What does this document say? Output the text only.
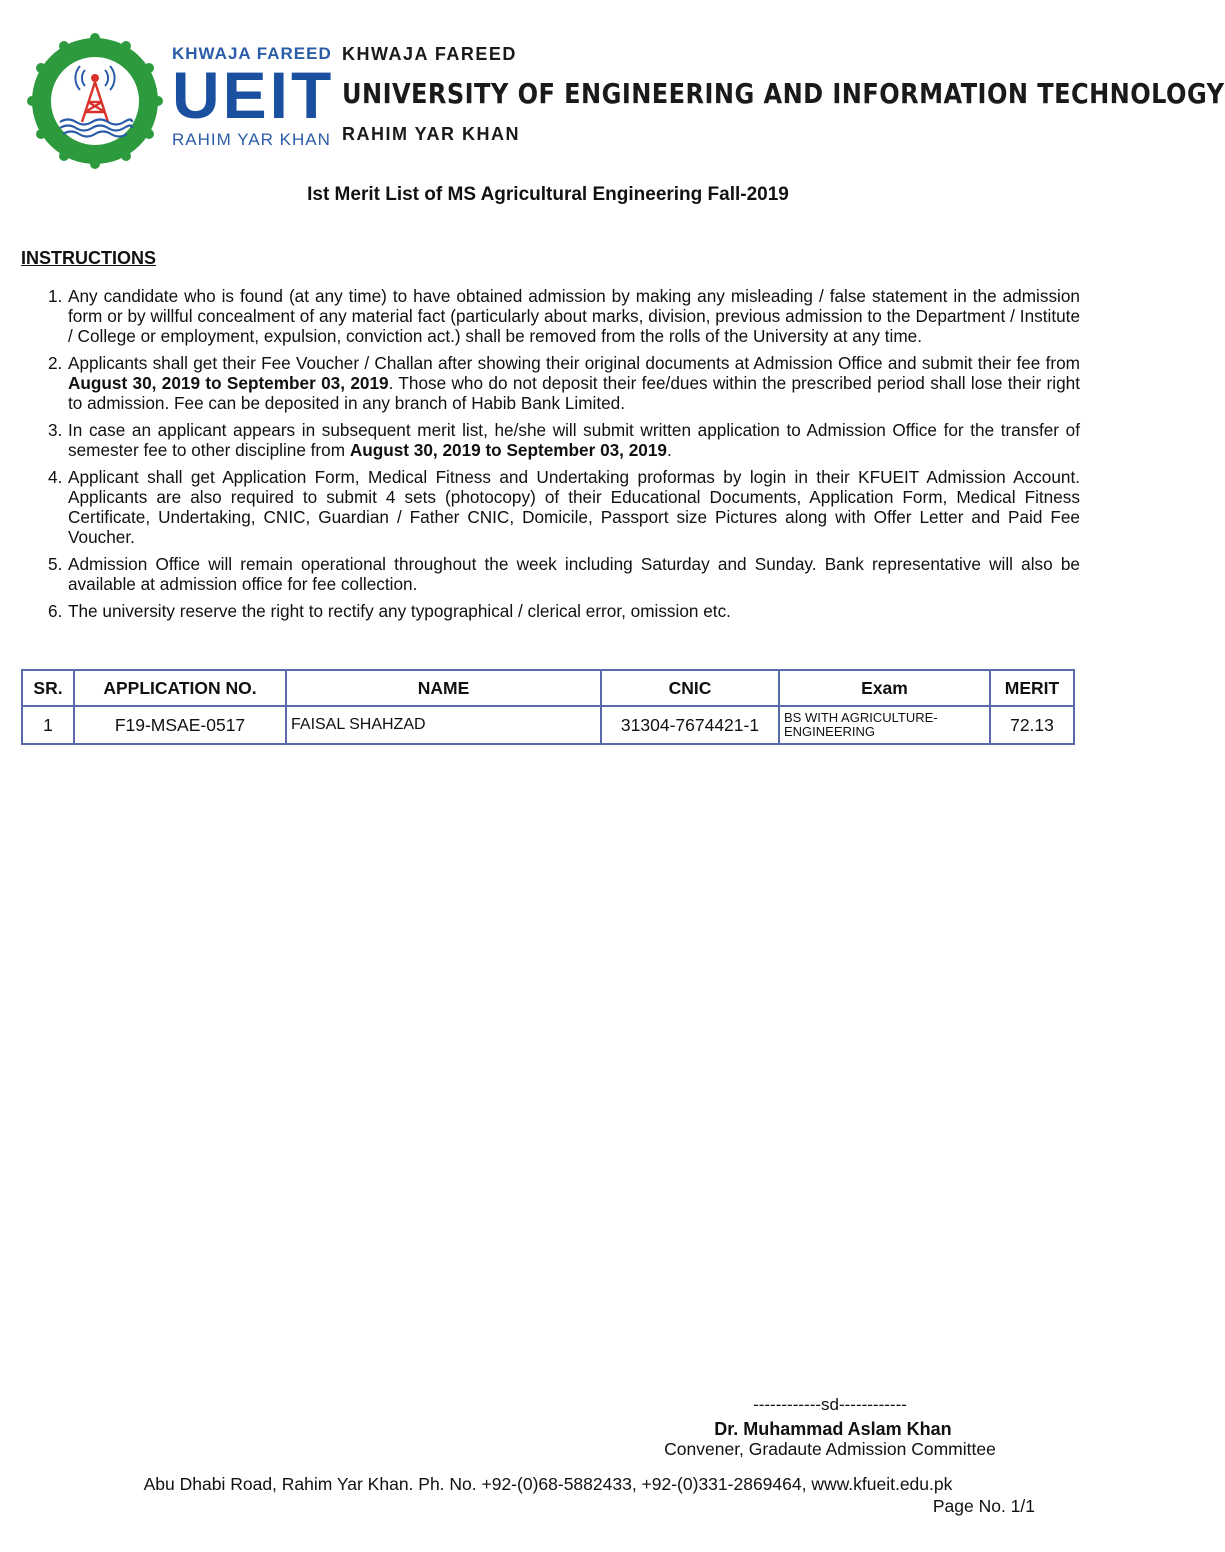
KHWAJA FAREED
UEIT
RAHIM YAR KHAN
KHWAJA FAREED
UNIVERSITY OF ENGINEERING AND INFORMATION TECHNOLOGY
RAHIM YAR KHAN
Ist Merit List of MS Agricultural Engineering Fall-2019
INSTRUCTIONS
1. Any candidate who is found (at any time) to have obtained admission by making any misleading / false statement in the admission form or by willful concealment of any material fact (particularly about marks, division, previous admission to the Department / Institute / College or employment, expulsion, conviction act.) shall be removed from the rolls of the University at any time.
2. Applicants shall get their Fee Voucher / Challan after showing their original documents at Admission Office and submit their fee from August 30, 2019 to September 03, 2019. Those who do not deposit their fee/dues within the prescribed period shall lose their right to admission. Fee can be deposited in any branch of Habib Bank Limited.
3. In case an applicant appears in subsequent merit list, he/she will submit written application to Admission Office for the transfer of semester fee to other discipline from August 30, 2019 to September 03, 2019.
4. Applicant shall get Application Form, Medical Fitness and Undertaking proformas by login in their KFUEIT Admission Account. Applicants are also required to submit 4 sets (photocopy) of their Educational Documents, Application Form, Medical Fitness Certificate, Undertaking, CNIC, Guardian / Father CNIC, Domicile, Passport size Pictures along with Offer Letter and Paid Fee Voucher.
5. Admission Office will remain operational throughout the week including Saturday and Sunday. Bank representative will also be available at admission office for fee collection.
6. The university reserve the right to rectify any typographical / clerical error, omission etc.
SR.	APPLICATION NO.	NAME	CNIC	Exam	MERIT
1	F19-MSAE-0517	FAISAL SHAHZAD	31304-7674421-1	BS WITH AGRICULTURE-ENGINEERING	72.13
------------sd------------
Dr. Muhammad Aslam Khan
Convener, Gradaute Admission Committee
Abu Dhabi Road, Rahim Yar Khan. Ph. No. +92-(0)68-5882433, +92-(0)331-2869464, www.kfueit.edu.pk
Page No. 1/1
